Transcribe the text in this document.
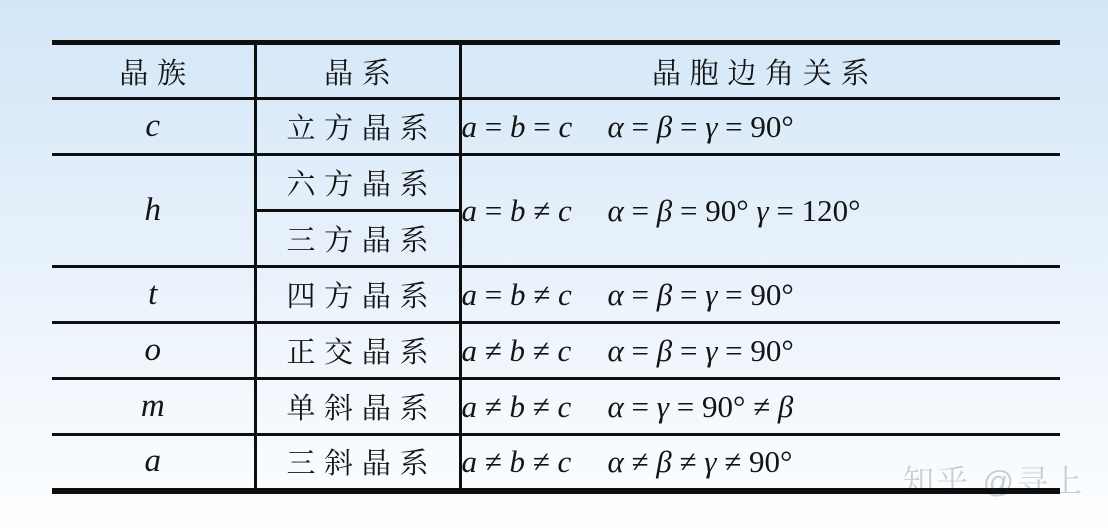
知乎 @寻上
晶族	晶系	晶胞边角关系
c	立方晶系	a = b = c α = β = γ = 90°
h	六方晶系	a = b ≠ c α = β = 90° γ = 120°
	三方晶系	
t	四方晶系	a = b ≠ c α = β = γ = 90°
o	正交晶系	a ≠ b ≠ c α = β = γ = 90°
m	单斜晶系	a ≠ b ≠ c α = γ = 90° ≠ β
a	三斜晶系	a ≠ b ≠ c α ≠ β ≠ γ ≠ 90°
